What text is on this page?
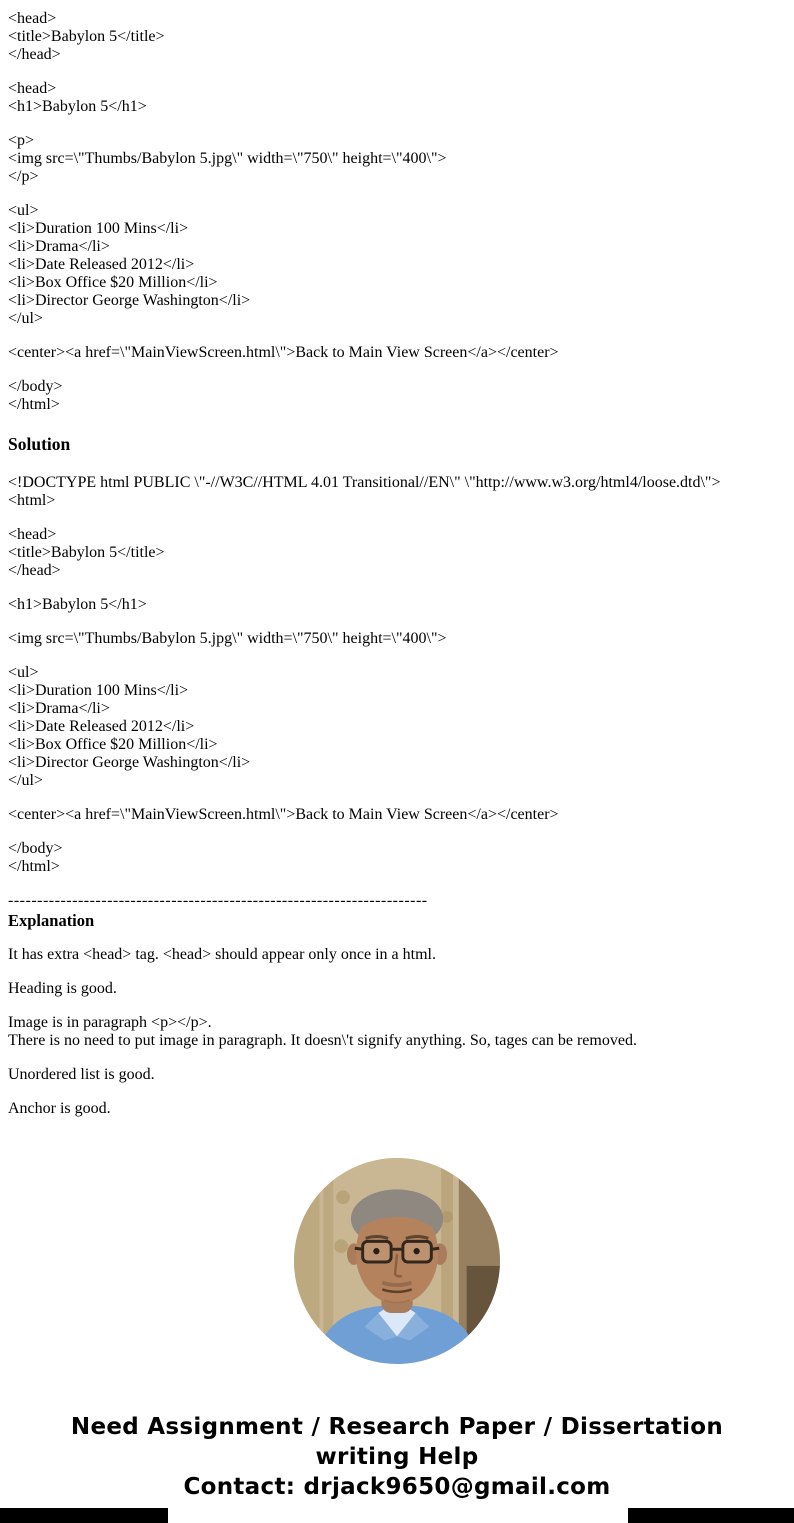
<head>
<title>Babylon 5</title>
</head>
<head>
<h1>Babylon 5</h1>
<p>
<img src=\"Thumbs/Babylon 5.jpg\" width=\"750\" height=\"400\">
</p>
<ul>
<li>Duration 100 Mins</li>
<li>Drama</li>
<li>Date Released 2012</li>
<li>Box Office $20 Million</li>
<li>Director George Washington</li>
</ul>
<center><a href=\"MainViewScreen.html\">Back to Main View Screen</a></center>
</body>
</html>
Solution
<!DOCTYPE html PUBLIC \"-//W3C//HTML 4.01 Transitional//EN\" \"http://www.w3.org/html4/loose.dtd\">
<html>
<head>
<title>Babylon 5</title>
</head>
<h1>Babylon 5</h1>
<img src=\"Thumbs/Babylon 5.jpg\" width=\"750\" height=\"400\">
<ul>
<li>Duration 100 Mins</li>
<li>Drama</li>
<li>Date Released 2012</li>
<li>Box Office $20 Million</li>
<li>Director George Washington</li>
</ul>
<center><a href=\"MainViewScreen.html\">Back to Main View Screen</a></center>
</body>
</html>
------------------------------------------------------------------------
Explanation
It has extra <head> tag. <head> should appear only once in a html.
Heading is good.
Image is in paragraph <p></p>.
There is no need to put image in paragraph. It doesn\'t signify anything. So, tages can be removed.
Unordered list is good.
Anchor is good.
Need Assignment / Research Paper / Dissertation
writing Help
Contact: drjack9650@gmail.com
